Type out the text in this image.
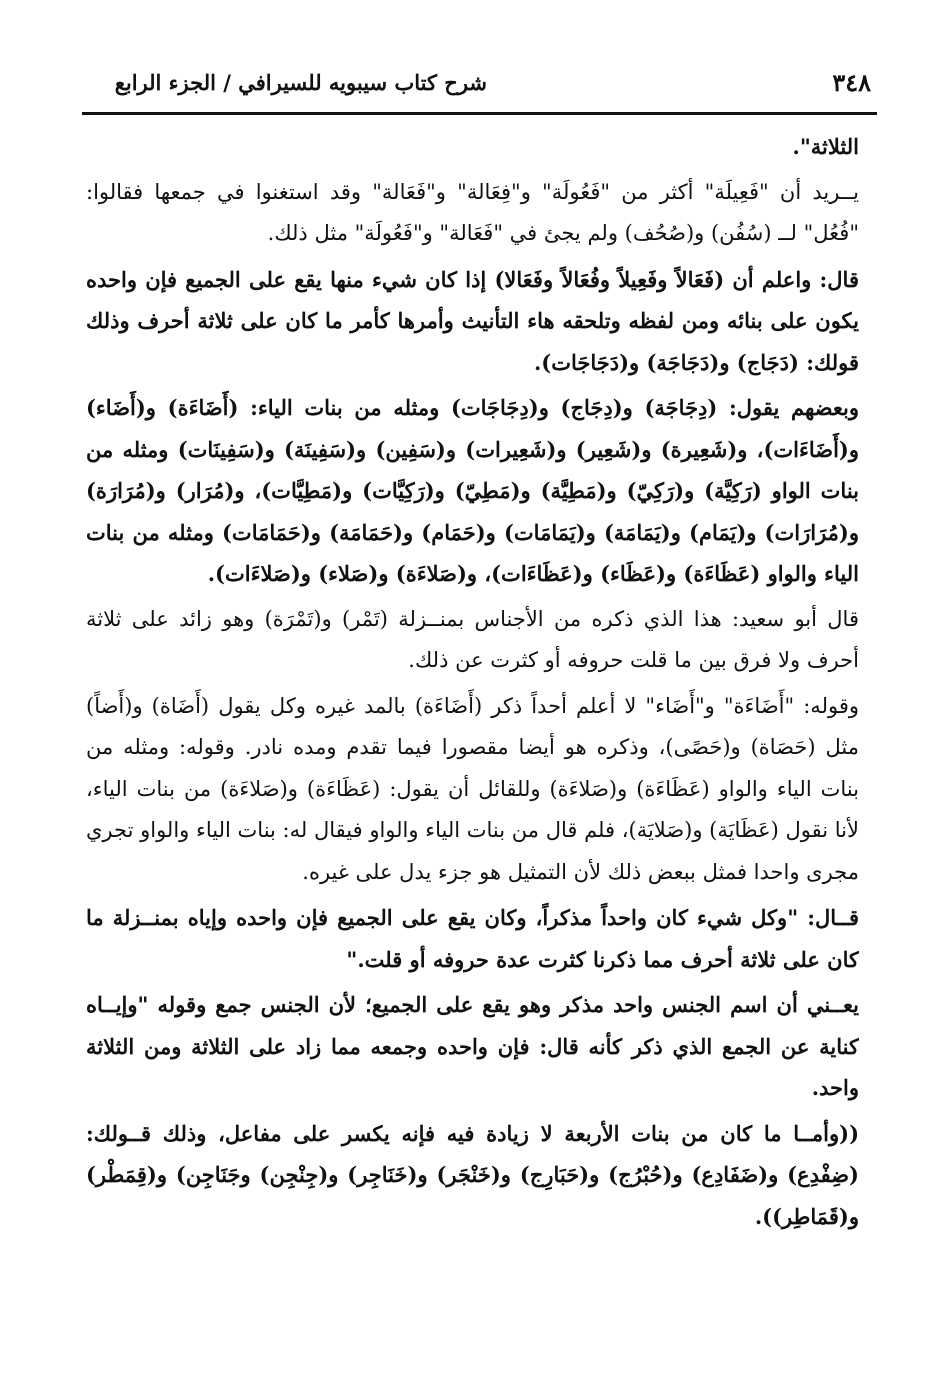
٣٤٨
شرح كتاب سيبويه للسيرافي / الجزء الرابع

الثلاثة".

يــريد أن "فَعِيلَة" أكثر من "فَعُولَة" و"فِعَالة" و"فَعَالة" وقد استغنوا في جمعها فقالوا: "فُعُل" لــ (سُفُن) و(صُحُف) ولم يجئ في "فَعَالة" و"فَعُولَة" مثل ذلك.

قال: واعلم أن (فَعَالاً وفَعِيلاً وفُعَالاً وفَعَالا) إذا كان شيء منها يقع على الجميع فإن واحده يكون على بنائه ومن لفظه وتلحقه هاء التأنيث وأمرها كأمر ما كان على ثلاثة أحرف وذلك قولك: (دَجَاج) و(دَجَاجَة) و(دَجَاجَات).

وبعضهم يقول: (دِجَاجَة) و(دِجَاج) و(دِجَاجَات) ومثله من بنات الياء: (أَضَاءَة) و(أَضَاء) و(أَضَاءَات)، و(شَعِيرة) و(شَعِير) و(شَعِيرات) و(سَفِين) و(سَفِينَة) و(سَفِينَات) ومثله من بنات الواو (رَكِيَّة) و(رَكِيّ) و(مَطِيَّة) و(مَطِيّ) و(رَكِيَّات) و(مَطِيَّات)، و(مُرَار) و(مُرَارَة) و(مُرَارَات) و(يَمَام) و(يَمَامَة) و(يَمَامَات) و(حَمَام) و(حَمَامَة) و(حَمَامَات) ومثله من بنات الياء والواو (عَظَاءَة) و(عَظَاء) و(عَظَاءَات)، و(صَلاءَة) و(صَلاء) و(صَلاءَات).

قال أبو سعيد: هذا الذي ذكره من الأجناس بمنــزلة (تَمْر) و(تَمْرَة) وهو زائد على ثلاثة أحرف ولا فرق بين ما قلت حروفه أو كثرت عن ذلك.

وقوله: "أَضَاءَة" و"أَضَاء" لا أعلم أحداً ذكر (أَضَاءَة) بالمد غيره وكل يقول (أَضَاة) و(أَضاً) مثل (حَصَاة) و(حَصًى)، وذكره هو أيضا مقصورا فيما تقدم ومده نادر. وقوله: ومثله من بنات الياء والواو (عَظَاءَة) و(صَلاءَة) وللقائل أن يقول: (عَظَاءَة) و(صَلاءَة) من بنات الياء، لأنا نقول (عَظَايَة) و(صَلايَة)، فلم قال من بنات الياء والواو فيقال له: بنات الياء والواو تجري مجرى واحدا فمثل ببعض ذلك لأن التمثيل هو جزء يدل على غيره.

قــال: "وكل شيء كان واحداً مذكراً، وكان يقع على الجميع فإن واحده وإياه بمنــزلة ما كان على ثلاثة أحرف مما ذكرنا كثرت عدة حروفه أو قلت."

يعــني أن اسم الجنس واحد مذكر وهو يقع على الجميع؛ لأن الجنس جمع وقوله "وإيــاه كناية عن الجمع الذي ذكر كأنه قال: فإن واحده وجمعه مما زاد على الثلاثة ومن الثلاثة واحد.

((وأمــا ما كان من بنات الأربعة لا زيادة فيه فإنه يكسر على مفاعل، وذلك قــولك: (ضِفْدِع) و(ضَفَادِع) و(حُبْرُج) و(حَبَارِج) و(خَنْجَر) و(خَنَاجِر) و(جِنْجِن) وجَنَاجِن) و(قِمَطْر) و(قَمَاطِر)).
